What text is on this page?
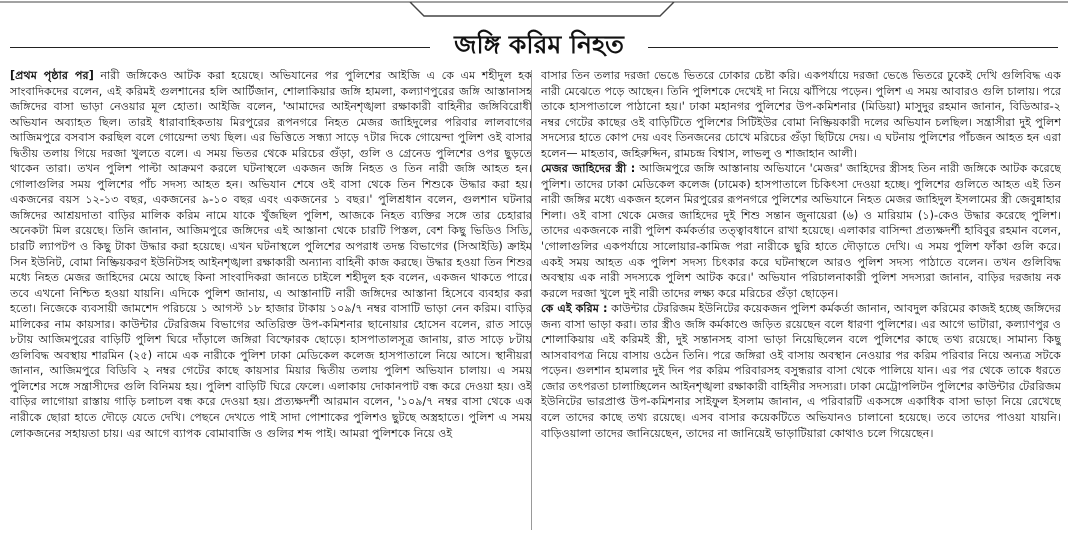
জঙ্গি করিম নিহত

[প্রথম পৃষ্ঠার পর] নারী জঙ্গিকেও আটক করা হয়েছে। অভিযানের পর পুলিশের আইজি এ কে এম শহীদুল হক সাংবাদিকদের বলেন, এই করিমই গুলশানের হলি আর্টিজান, শোলাকিয়ার জঙ্গি হামলা, কল্যাণপুরের জঙ্গি আস্তানাসহ জঙ্গিদের বাসা ভাড়া নেওয়ার মূল হোতা। আইজি বলেন, 'আমাদের আইনশৃঙ্খলা রক্ষাকারী বাহিনীর জঙ্গিবিরোধী অভিযান অব্যাহত ছিল। তারই ধারাবাহিকতায় মিরপুরের রূপনগরে নিহত মেজর জাহিদুলের পরিবার লালবাগের আজিমপুরে বসবাস করছিল বলে গোয়েন্দা তথ্য ছিল। এর ভিত্তিতে সন্ধ্যা সাড়ে ৭টার দিকে গোয়েন্দা পুলিশ ওই বাসার দ্বিতীয় তলায় গিয়ে দরজা খুলতে বলে। এ সময় ভিতর থেকে মরিচের গুঁড়া, গুলি ও গ্রেনেড পুলিশের ওপর ছুড়তে থাকেন তারা। তখন পুলিশ পাল্টা আক্রমণ করলে ঘটনাস্থলে একজন জঙ্গি নিহত ও তিন নারী জঙ্গি আহত হন। গোলাগুলির সময় পুলিশের পাঁচ সদস্য আহত হন। অভিযান শেষে ওই বাসা থেকে তিন শিশুকে উদ্ধার করা হয়। একজনের বয়স ১২-১৩ বছর, একজনের ৯-১০ বছর এবং একজনের ১ বছর।' পুলিশ্রধান বলেন, গুলশান ঘটনার জঙ্গিদের আশ্রয়দাতা বাড়ির মালিক করিম নামে যাকে খুঁজছিল পুলিশ, আজকে নিহত ব্যক্তির সঙ্গে তার চেহারার অনেকটা মিল রয়েছে। তিনি জানান, আজিমপুরে জঙ্গিদের এই আস্তানা থেকে চারটি পিস্তল, বেশ কিছু ভিডিও সিডি, চারটি ল্যাপটপ ও কিছু টাকা উদ্ধার করা হয়েছে। এখন ঘটনাস্থলে পুলিশের অপরাধ তদন্ত বিভাগের (সিআইডি) ক্রাইম সিন ইউনিট, বোমা নিষ্ক্রিয়করণ ইউনিটসহ আইনশৃঙ্খলা রক্ষাকারী অন্যান্য বাহিনী কাজ করছে। উদ্ধার হওয়া তিন শিশুর মধ্যে নিহত মেজর জাহিদের মেয়ে আছে কিনা সাংবাদিকরা জানতে চাইলে শহীদুল হক বলেন, একজন থাকতে পারে। তবে এখনো নিশ্চিত হওয়া যায়নি। এদিকে পুলিশ জানায়, এ আস্তানাটি নারী জঙ্গিদের আস্তানা হিসেবে ব্যবহার করা হতো। নিজেকে ব্যবসায়ী জামশেদ পরিচয়ে ১ আগস্ট ১৮ হাজার টাকায় ১০৯/৭ নম্বর বাসাটি ভাড়া নেন করিম। বাড়ির মালিকের নাম কায়সার। কাউন্টার টেররিজম বিভাগের অতিরিক্ত উপ-কমিশনার ছানোয়ার হোসেন বলেন, রাত সাড়ে ৮টায় আজিমপুরের বাড়িটি পুলিশ ঘিরে দাঁড়ালে জঙ্গিরা বিস্ফোরক ছোড়ে। হাসপাতালসূত্র জানায়, রাত সাড়ে ৮টায় গুলিবিদ্ধ অবস্থায় শারমিন (২৫) নামে এক নারীকে পুলিশ ঢাকা মেডিকেল কলেজ হাসপাতালে নিয়ে আসে। স্থানীয়রা জানান, আজিমপুরে বিডিবি ২ নম্বর গেটের কাছে কায়সার মিয়ার দ্বিতীয় তলায় পুলিশ অভিযান চালায়। এ সময় পুলিশের সঙ্গে সন্ত্রাসীদের গুলি বিনিময় হয়। পুলিশ বাড়িটি ঘিরে ফেলে। এলাকায় দোকানপাট বন্ধ করে দেওয়া হয়। ওই বাড়ির লাগোয়া রাস্তায় গাড়ি চলাচল বন্ধ করে দেওয়া হয়। প্রত্যক্ষদর্শী আরমান বলেন, '১০৯/৭ নম্বর বাসা থেকে এক নারীকে ছোরা হাতে দৌড়ে যেতে দেখি। পেছনে দেখতে পাই সাদা পোশাকের পুলিশও ছুটছে অস্ত্রহাতে। পুলিশ এ সময় লোকজনের সহায়তা চায়। এর আগে ব্যাপক বোমাবাজি ও গুলির শব্দ পাই। আমরা পুলিশকে নিয়ে ওই

বাসার তিন তলার দরজা ভেঙে ভিতরে ঢোকার চেষ্টা করি। একপর্যায়ে দরজা ভেঙে ভিতরে ঢুকেই দেখি গুলিবিদ্ধ এক নারী মেঝেতে পড়ে আছেন। তিনি পুলিশকে দেখেই দা নিয়ে ঝাঁপিয়ে পড়েন। পুলিশ এ সময় আবারও গুলি চালায়। পরে তাকে হাসপাতালে পাঠানো হয়।' ঢাকা মহানগর পুলিশের উপ-কমিশনার (মিডিয়া) মাসুদুর রহমান জানান, বিডিআর-২ নম্বর গেটের কাছের ওই বাড়িটিতে পুলিশের সিটিইউর বোমা নিষ্ক্রিয়কারী দলের অভিযান চলছিল। সন্ত্রাসীরা দুই পুলিশ সদস্যের হাতে কোপ দেয় এবং তিনজনের চোখে মরিচের গুঁড়া ছিটিয়ে দেয়। এ ঘটনায় পুলিশের পাঁচজন আহত হন এরা হলেন— মাহতাব, জহিরুদ্দিন, রামচন্দ্র বিশ্বাস, লাভলু ও শাজাহান আলী।

মেজর জাহিদের স্ত্রী : আজিমপুরে জঙ্গি আস্তানায় অভিযানে 'মেজর' জাহিদের স্ত্রীসহ তিন নারী জঙ্গিকে আটক করেছে পুলিশ। তাদের ঢাকা মেডিকেল কলেজ (ঢামেক) হাসপাতালে চিকিৎসা দেওয়া হচ্ছে। পুলিশের গুলিতে আহত এই তিন নারী জঙ্গির মধ্যে একজন হলেন মিরপুরের রূপনগরে পুলিশের অভিযানে নিহত মেজর জাহিদুল ইসলামের স্ত্রী জেবুন্নাহার শিলা। ওই বাসা থেকে মেজর জাহিদের দুই শিশু সন্তান জুনায়েরা (৬) ও মারিয়াম (১)-কেও উদ্ধার করেছে পুলিশ। তাদের একজনকে নারী পুলিশ কর্মকর্তার তত্ত্বাবধানে রাখা হয়েছে। এলাকার বাসিন্দা প্রত্যক্ষদর্শী হাবিবুর রহমান বলেন, 'গোলাগুলির একপর্যায়ে সালোয়ার-কামিজ পরা নারীকে ছুরি হাতে দৌড়াতে দেখি। এ সময় পুলিশ ফাঁকা গুলি করে। একই সময় আহত এক পুলিশ সদস্য চিৎকার করে ঘটনাস্থলে আরও পুলিশ সদস্য পাঠাতে বলেন। তখন গুলিবিদ্ধ অবস্থায় এক নারী সদস্যকে পুলিশ আটক করে।' অভিযান পরিচালনাকারী পুলিশ সদস্যরা জানান, বাড়ির দরজায় নক করলে দরজা খুলে দুই নারী তাদের লক্ষ্য করে মরিচের গুঁড়া ছোড়েন।

কে এই করিম : কাউন্টার টেররিজম ইউনিটের কয়েকজন পুলিশ কর্মকর্তা জানান, আবদুল করিমের কাজই হচ্ছে জঙ্গিদের জন্য বাসা ভাড়া করা। তার স্ত্রীও জঙ্গি কর্মকাণ্ডে জড়িত রয়েছেন বলে ধারণা পুলিশের। এর আগে ভাটারা, কল্যাণপুর ও শোলাকিয়ায় এই করিমই স্ত্রী, দুই সন্তানসহ বাসা ভাড়া নিয়েছিলেন বলে পুলিশের কাছে তথ্য রয়েছে। সামান্য কিছু আসবাবপত্র নিয়ে বাসায় ওঠেন তিনি। পরে জঙ্গিরা ওই বাসায় অবস্থান নেওয়ার পর করিম পরিবার নিয়ে অন্যত্র সটকে পড়েন। গুলশান হামলার দুই দিন পর করিম পরিবারসহ বসুন্ধরার বাসা থেকে পালিয়ে যান। এর পর থেকে তাকে ধরতে জোর তৎপরতা চালাচ্ছিলেন আইনশৃঙ্খলা রক্ষাকারী বাহিনীর সদস্যরা। ঢাকা মেট্রোপলিটন পুলিশের কাউন্টার টেররিজম ইউনিটের ভারপ্রাপ্ত উপ-কমিশনার সাইফুল ইসলাম জানান, এ পরিবারটি একসঙ্গে একাধিক বাসা ভাড়া নিয়ে রেখেছে বলে তাদের কাছে তথ্য রয়েছে। এসব বাসার কয়েকটিতে অভিযানও চালানো হয়েছে। তবে তাদের পাওয়া যায়নি। বাড়িওয়ালা তাদের জানিয়েছেন, তাদের না জানিয়েই ভাড়াটিয়ারা কোথাও চলে গিয়েছেন।
